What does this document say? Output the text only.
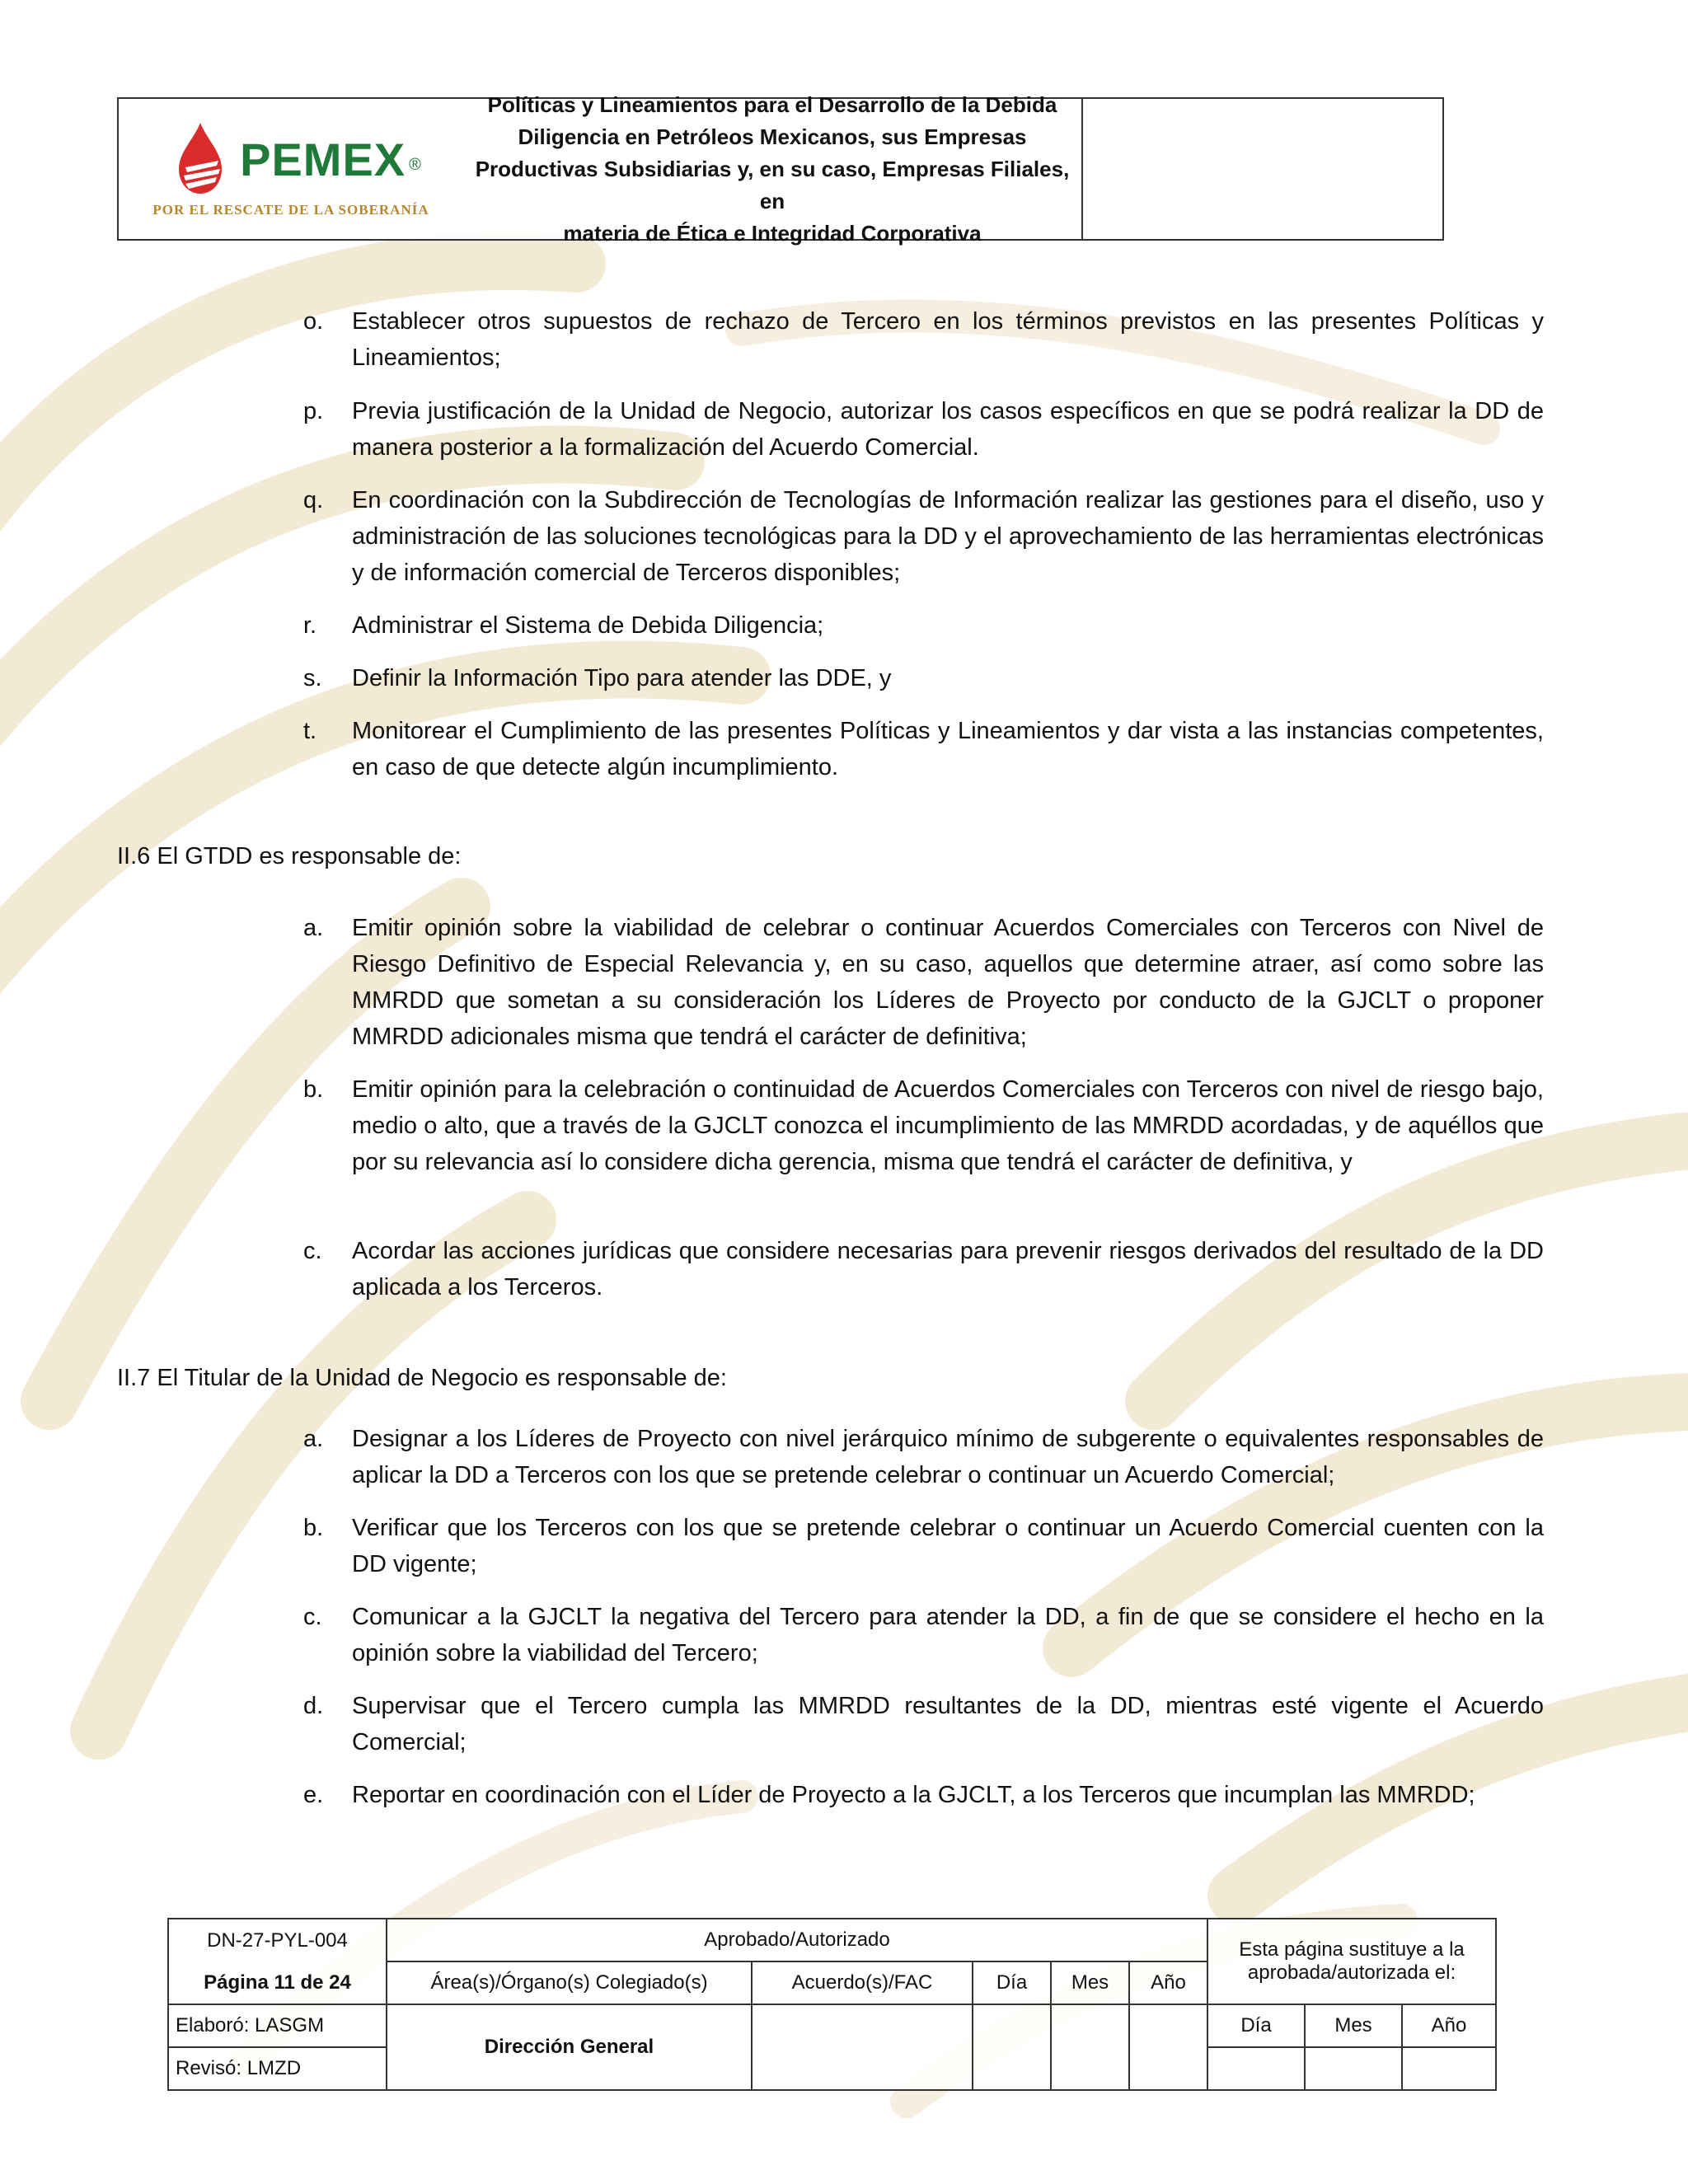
PEMEX ®
POR EL RESCATE DE LA SOBERANÍA
Políticas y Lineamientos para el Desarrollo de la Debida
Diligencia en Petróleos Mexicanos, sus Empresas
Productivas Subsidiarias y, en su caso, Empresas Filiales, en
materia de Ética e Integridad Corporativa
o. Establecer otros supuestos de rechazo de Tercero en los términos previstos en las presentes Políticas y Lineamientos;
p. Previa justificación de la Unidad de Negocio, autorizar los casos específicos en que se podrá realizar la DD de manera posterior a la formalización del Acuerdo Comercial.
q. En coordinación con la Subdirección de Tecnologías de Información realizar las gestiones para el diseño, uso y administración de las soluciones tecnológicas para la DD y el aprovechamiento de las herramientas electrónicas y de información comercial de Terceros disponibles;
r. Administrar el Sistema de Debida Diligencia;
s. Definir la Información Tipo para atender las DDE, y
t. Monitorear el Cumplimiento de las presentes Políticas y Lineamientos y dar vista a las instancias competentes, en caso de que detecte algún incumplimiento.
II.6 El GTDD es responsable de:
a. Emitir opinión sobre la viabilidad de celebrar o continuar Acuerdos Comerciales con Terceros con Nivel de Riesgo Definitivo de Especial Relevancia y, en su caso, aquellos que determine atraer, así como sobre las MMRDD que sometan a su consideración los Líderes de Proyecto por conducto de la GJCLT o proponer MMRDD adicionales misma que tendrá el carácter de definitiva;
b. Emitir opinión para la celebración o continuidad de Acuerdos Comerciales con Terceros con nivel de riesgo bajo, medio o alto, que a través de la GJCLT conozca el incumplimiento de las MMRDD acordadas, y de aquéllos que por su relevancia así lo considere dicha gerencia, misma que tendrá el carácter de definitiva, y
c. Acordar las acciones jurídicas que considere necesarias para prevenir riesgos derivados del resultado de la DD aplicada a los Terceros.
II.7 El Titular de la Unidad de Negocio es responsable de:
a. Designar a los Líderes de Proyecto con nivel jerárquico mínimo de subgerente o equivalentes responsables de aplicar la DD a Terceros con los que se pretende celebrar o continuar un Acuerdo Comercial;
b. Verificar que los Terceros con los que se pretende celebrar o continuar un Acuerdo Comercial cuenten con la DD vigente;
c. Comunicar a la GJCLT la negativa del Tercero para atender la DD, a fin de que se considere el hecho en la opinión sobre la viabilidad del Tercero;
d. Supervisar que el Tercero cumpla las MMRDD resultantes de la DD, mientras esté vigente el Acuerdo Comercial;
e. Reportar en coordinación con el Líder de Proyecto a la GJCLT, a los Terceros que incumplan las MMRDD;
DN-27-PYL-004	Aprobado/Autorizado					Esta página sustituye a la aprobada/autorizada el:		
Página 11 de 24	Área(s)/Órgano(s) Colegiado(s)	Acuerdo(s)/FAC	Día	Mes	Año			
Elaboró: LASGM	Dirección General					Día	Mes	Año
Revisó: LMZD								
